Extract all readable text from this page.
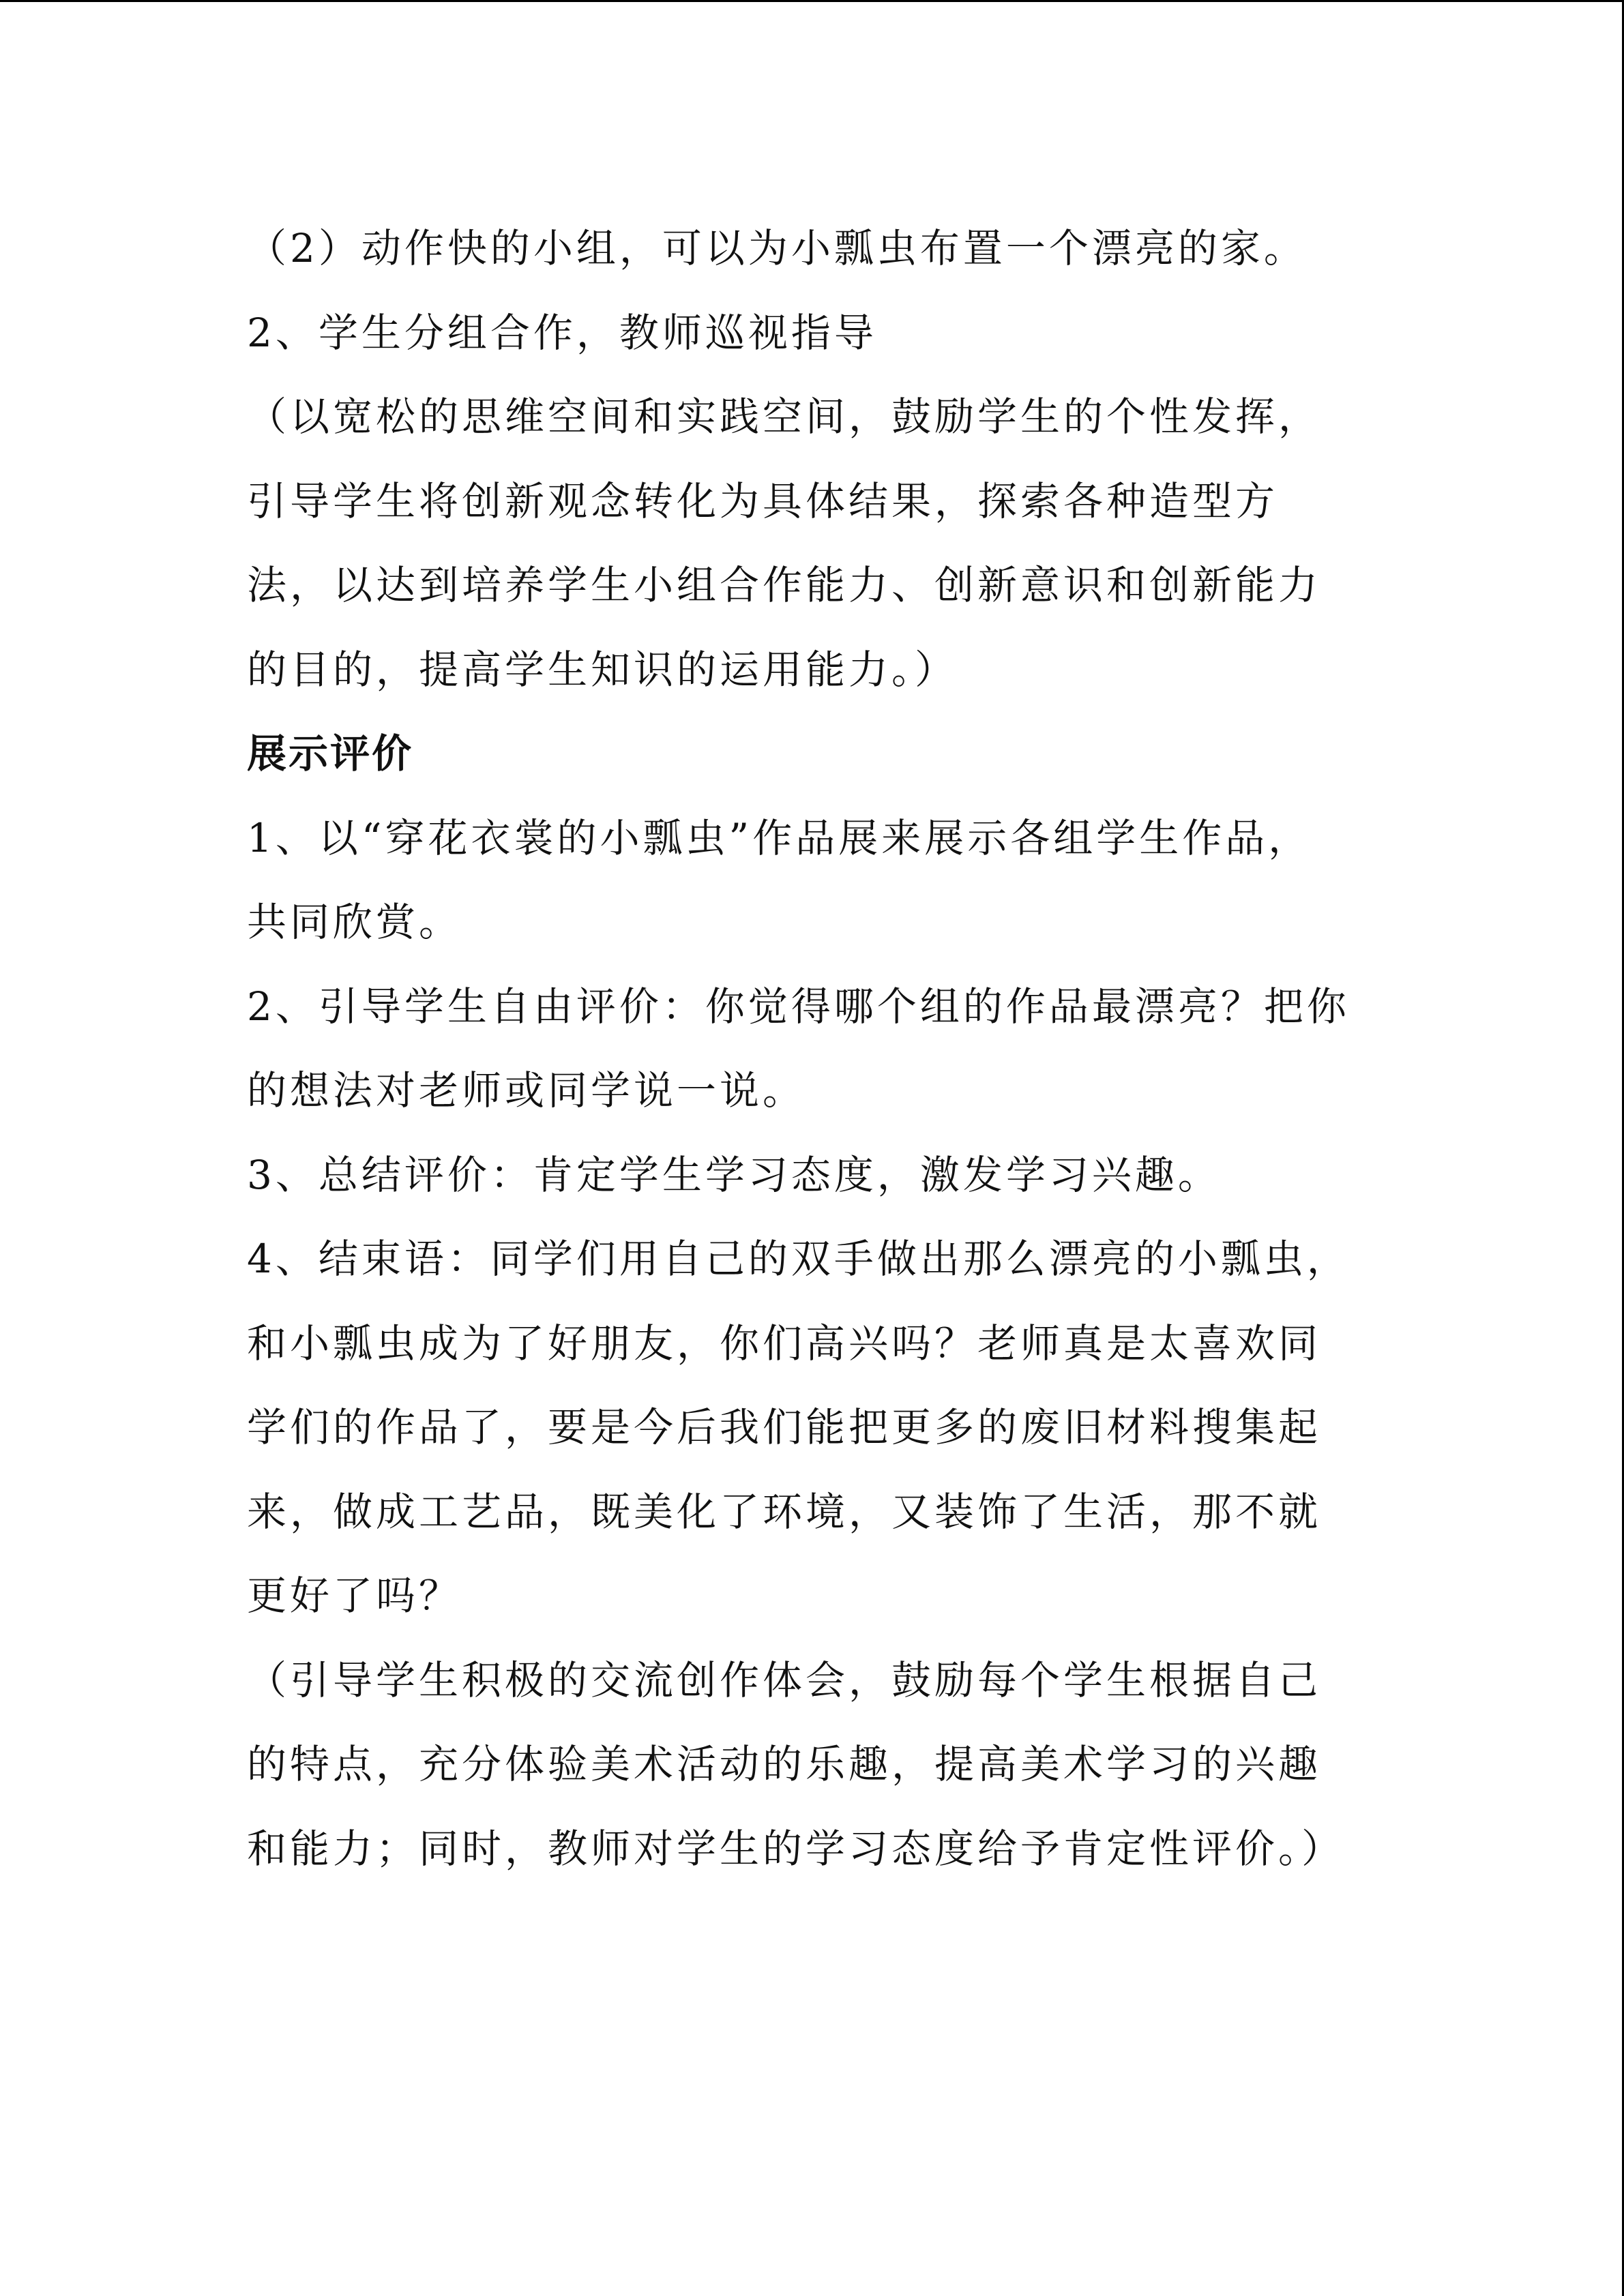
（2）动作快的小组，可以为小瓢虫布置一个漂亮的家。
2、学生分组合作，教师巡视指导
（以宽松的思维空间和实践空间，鼓励学生的个性发挥，
引导学生将创新观念转化为具体结果，探索各种造型方
法，以达到培养学生小组合作能力、创新意识和创新能力
的目的，提高学生知识的运用能力。）
展示评价
1、以“穿花衣裳的小瓢虫”作品展来展示各组学生作品，
共同欣赏。
2、引导学生自由评价：你觉得哪个组的作品最漂亮？把你
的想法对老师或同学说一说。
3、总结评价：肯定学生学习态度，激发学习兴趣。
4、结束语：同学们用自己的双手做出那么漂亮的小瓢虫，
和小瓢虫成为了好朋友，你们高兴吗？老师真是太喜欢同
学们的作品了，要是今后我们能把更多的废旧材料搜集起
来，做成工艺品，既美化了环境，又装饰了生活，那不就
更好了吗？
（引导学生积极的交流创作体会，鼓励每个学生根据自己
的特点，充分体验美术活动的乐趣，提高美术学习的兴趣
和能力；同时，教师对学生的学习态度给予肯定性评价。）
